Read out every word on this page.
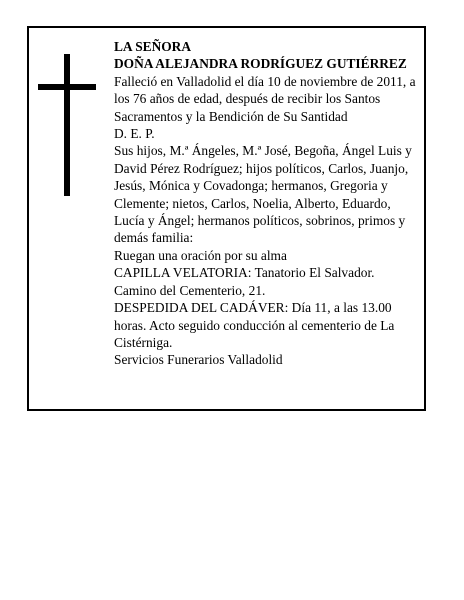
LA SEÑORA

DOÑA ALEJANDRA RODRÍGUEZ GUTIÉRREZ

Falleció en Valladolid el día 10 de noviembre de 2011, a los 76 años de edad, después de recibir los Santos Sacramentos y la Bendición de Su Santidad

D. E. P.

Sus hijos, M.ª Ángeles, M.ª José, Begoña, Ángel Luis y David Pérez Rodríguez; hijos políticos, Carlos, Juanjo, Jesús, Mónica y Covadonga; hermanos, Gregoria y Clemente; nietos, Carlos, Noelia, Alberto, Eduardo, Lucía y Ángel; hermanos políticos, sobrinos, primos y demás familia:

Ruegan una oración por su alma

CAPILLA VELATORIA: Tanatorio El Salvador. Camino del Cementerio, 21.

DESPEDIDA DEL CADÁVER: Día 11, a las 13.00 horas. Acto seguido conducción al cementerio de La Cistérniga.

Servicios Funerarios Valladolid
